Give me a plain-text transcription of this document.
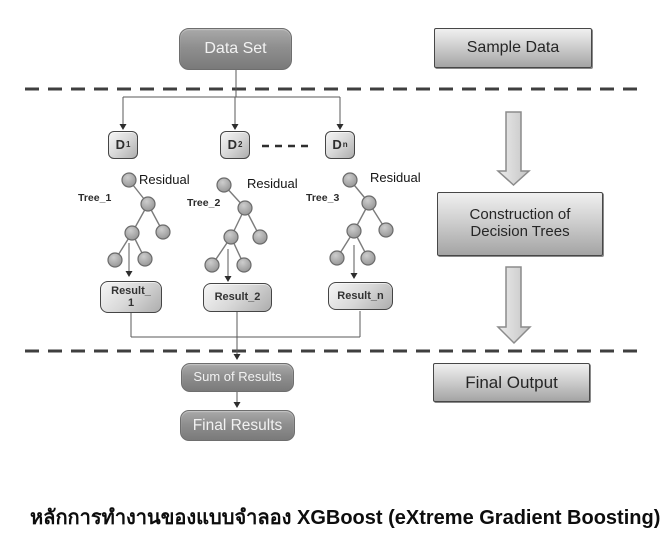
Data Set	Sample Data
D 1	D 2	D n
Residual	Residual	Residual
Tree_1	Tree_2	Tree_3
Result_
1	Result_2	Result_n
Sum of Results
Final Results
Construction of
Decision Trees
Final Output
หลักการทำงานของแบบจำลอง XGBoost (eXtreme Gradient Boosting)
